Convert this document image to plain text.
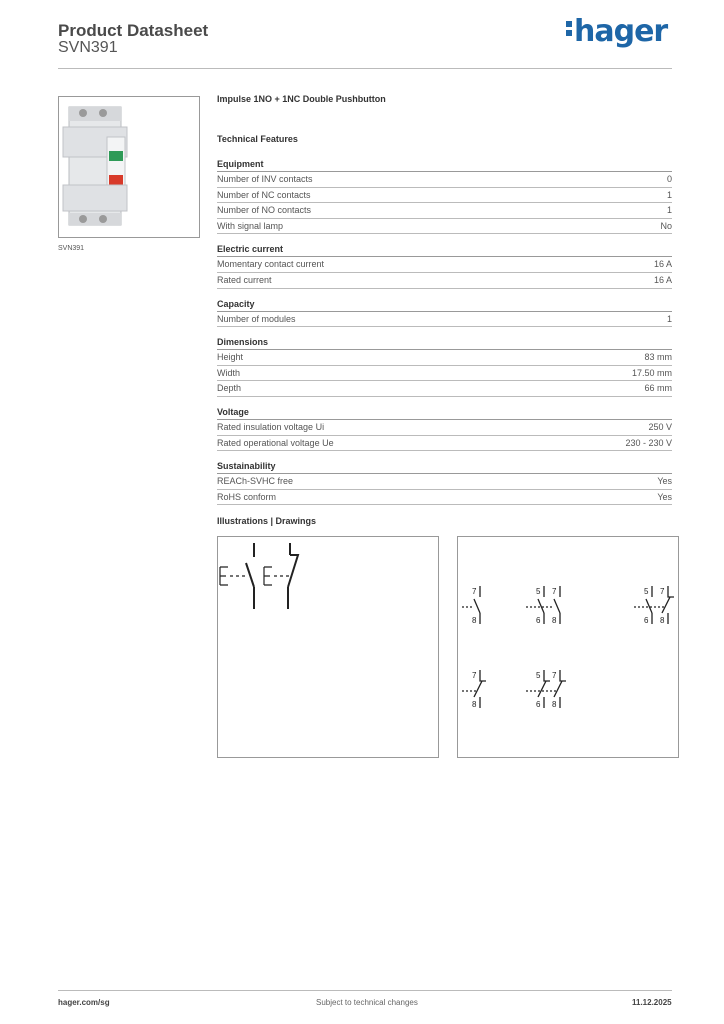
Product Datasheet
SVN391	hager
SVN391
Impulse 1NO + 1NC Double Pushbutton
Technical Features
Equipment
Number of INV contacts	0
Number of NC contacts	1
Number of NO contacts	1
With signal lamp	No
Electric current
Momentary contact current	16 A
Rated current	16 A
Capacity
Number of modules	1
Dimensions
Height	83 mm
Width	17.50 mm
Depth	66 mm
Voltage
Rated insulation voltage Ui	250 V
Rated operational voltage Ue	230 - 230 V
Sustainability
REACh-SVHC free	Yes
RoHS conform	Yes
Illustrations | Drawings
7
8
5
6
7
8
5
6
7
8
7
8
5
6
7
8
hager.com/sg	Subject to technical changes	11.12.2025
